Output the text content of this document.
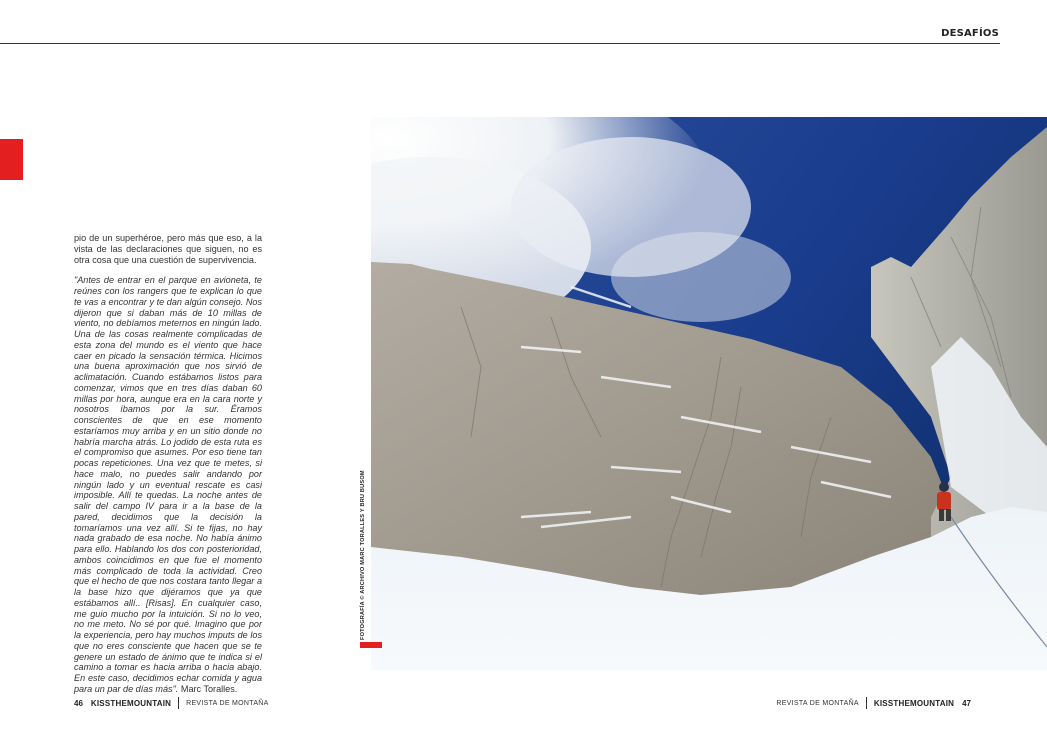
DESAFÍOS

pio de un superhéroe, pero más que eso, a la vista de las declaraciones que siguen, no es otra cosa que una cuestión de supervivencia.

"Antes de entrar en el parque en avioneta, te reúnes con los rangers que te explican lo que te vas a encontrar y te dan algún consejo. Nos dijeron que si daban más de 10 millas de viento, no debíamos meternos en ningún lado. Una de las cosas realmente complicadas de esta zona del mundo es el viento que hace caer en picado la sensación térmica. Hicimos una buena aproximación que nos sirvió de aclimatación. Cuando estábamos listos para comenzar, vimos que en tres días daban 60 millas por hora, aunque era en la cara norte y nosotros íbamos por la sur. Éramos conscientes de que en ese momento estaríamos muy arriba y en un sitio donde no habría marcha atrás. Lo jodido de esta ruta es el compromiso que asumes. Por eso tiene tan pocas repeticiones. Una vez que te metes, si hace malo, no puedes salir andando por ningún lado y un eventual rescate es casi imposible. Allí te quedas. La noche antes de salir del campo IV para ir a la base de la pared, decidimos que la decisión la tomaríamos una vez allí. Si te fijas, no hay nada grabado de esa noche. No había ánimo para ello. Hablando los dos con posterioridad, ambos coincidimos en que fue el momento más complicado de toda la actividad. Creo que el hecho de que nos costara tanto llegar a la base hizo que dijéramos que ya que estábamos allí.. [Risas]. En cualquier caso, me guio mucho por la intuición. Si no lo veo, no me meto. No sé por qué. Imagino que por la experiencia, pero hay muchos imputs de los que no eres consciente que hacen que se te genere un estado de ánimo que te indica si el camino a tomar es hacia arriba o hacia abajo. En este caso, decidimos echar comida y agua para un par de días más". Marc Toralles.

FOTOGRAFÍA © ARCHIVO MARC TORALLES Y BRU BUSOM
46 KISSTHEMOUNTAIN REVISTA DE MONTAÑA	REVISTA DE MONTAÑA KISSTHEMOUNTAIN 47
